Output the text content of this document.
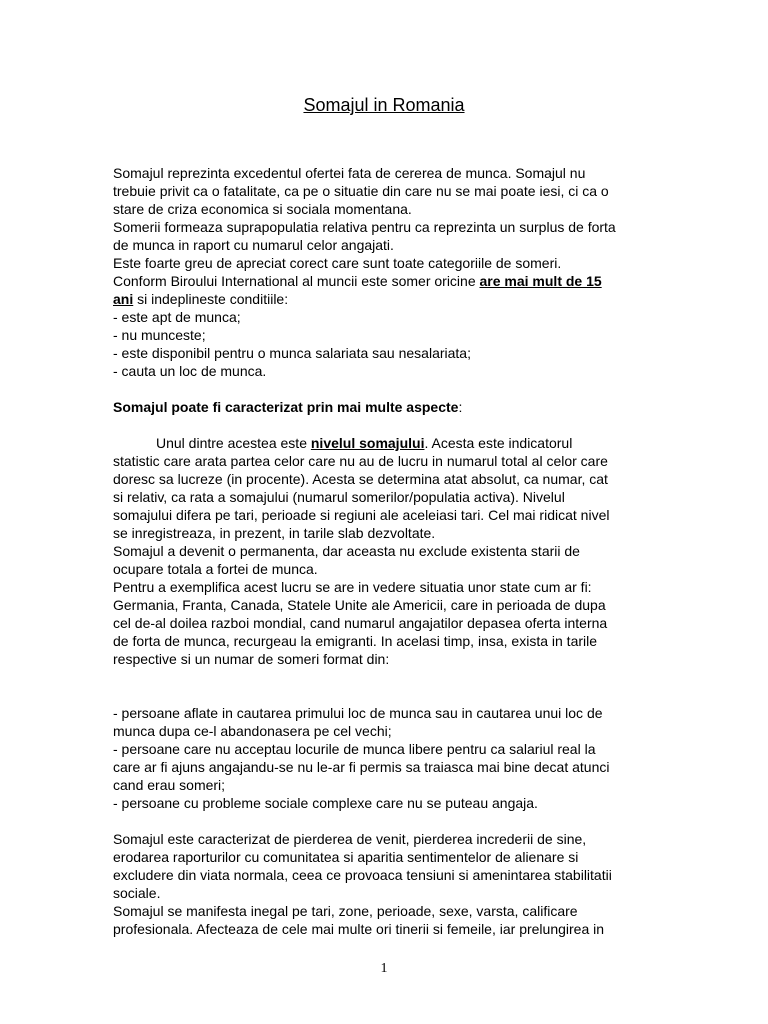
Somajul in Romania

Somajul reprezinta excedentul ofertei fata de cererea de munca. Somajul nu
trebuie privit ca o fatalitate, ca pe o situatie din care nu se mai poate iesi, ci ca o
stare de criza economica si sociala momentana.

Somerii formeaza suprapopulatia relativa pentru ca reprezinta un surplus de forta
de munca in raport cu numarul celor angajati.

Este foarte greu de apreciat corect care sunt toate categoriile de someri.

Conform Biroului International al muncii este somer oricine are mai mult de 15
ani si indeplineste conditiile:

- este apt de munca;
- nu munceste;
- este disponibil pentru o munca salariata sau nesalariata;
- cauta un loc de munca.

Somajul poate fi caracterizat prin mai multe aspecte:

Unul dintre acestea este nivelul somajului. Acesta este indicatorul
statistic care arata partea celor care nu au de lucru in numarul total al celor care
doresc sa lucreze (in procente). Acesta se determina atat absolut, ca numar, cat
si relativ, ca rata a somajului (numarul somerilor/populatia activa). Nivelul
somajului difera pe tari, perioade si regiuni ale aceleiasi tari. Cel mai ridicat nivel
se inregistreaza, in prezent, in tarile slab dezvoltate.

Somajul a devenit o permanenta, dar aceasta nu exclude existenta starii de
ocupare totala a fortei de munca.

Pentru a exemplifica acest lucru se are in vedere situatia unor state cum ar fi:
Germania, Franta, Canada, Statele Unite ale Americii, care in perioada de dupa
cel de-al doilea razboi mondial, cand numarul angajatilor depasea oferta interna
de forta de munca, recurgeau la emigranti. In acelasi timp, insa, exista in tarile
respective si un numar de someri format din:

- persoane aflate in cautarea primului loc de munca sau in cautarea unui loc de
munca dupa ce-l abandonasera pe cel vechi;
- persoane care nu acceptau locurile de munca libere pentru ca salariul real la
care ar fi ajuns angajandu-se nu le-ar fi permis sa traiasca mai bine decat atunci
cand erau someri;
- persoane cu probleme sociale complexe care nu se puteau angaja.

Somajul este caracterizat de pierderea de venit, pierderea increderii de sine,
erodarea raporturilor cu comunitatea si aparitia sentimentelor de alienare si
excludere din viata normala, ceea ce provoaca tensiuni si amenintarea stabilitatii
sociale.

Somajul se manifesta inegal pe tari, zone, perioade, sexe, varsta, calificare
profesionala. Afecteaza de cele mai multe ori tinerii si femeile, iar prelungirea in

1
